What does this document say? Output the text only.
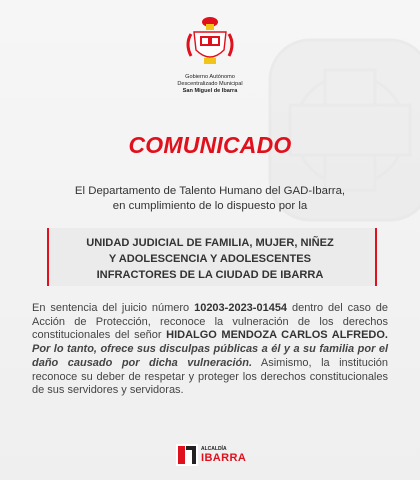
Gobierno Autónomo
Descentralizado Municipal
San Miguel de Ibarra
COMUNICADO
El Departamento de Talento Humano del GAD-Ibarra,
en cumplimiento de lo dispuesto por la
UNIDAD JUDICIAL DE FAMILIA, MUJER, NIÑEZ
Y ADOLESCENCIA Y ADOLESCENTES
INFRACTORES DE LA CIUDAD DE IBARRA
En sentencia del juicio número 10203-2023-01454 dentro del caso de Acción de Protección, reconoce la vulneración de los derechos constitucionales del señor HIDALGO MENDOZA CARLOS ALFREDO. Por lo tanto, ofrece sus disculpas públicas a él y a su familia por el daño causado por dicha vulneración. Asimismo, la institución reconoce su deber de respetar y proteger los derechos constitucionales de sus servidores y servidoras.
ALCALDÍA
IBARRA
